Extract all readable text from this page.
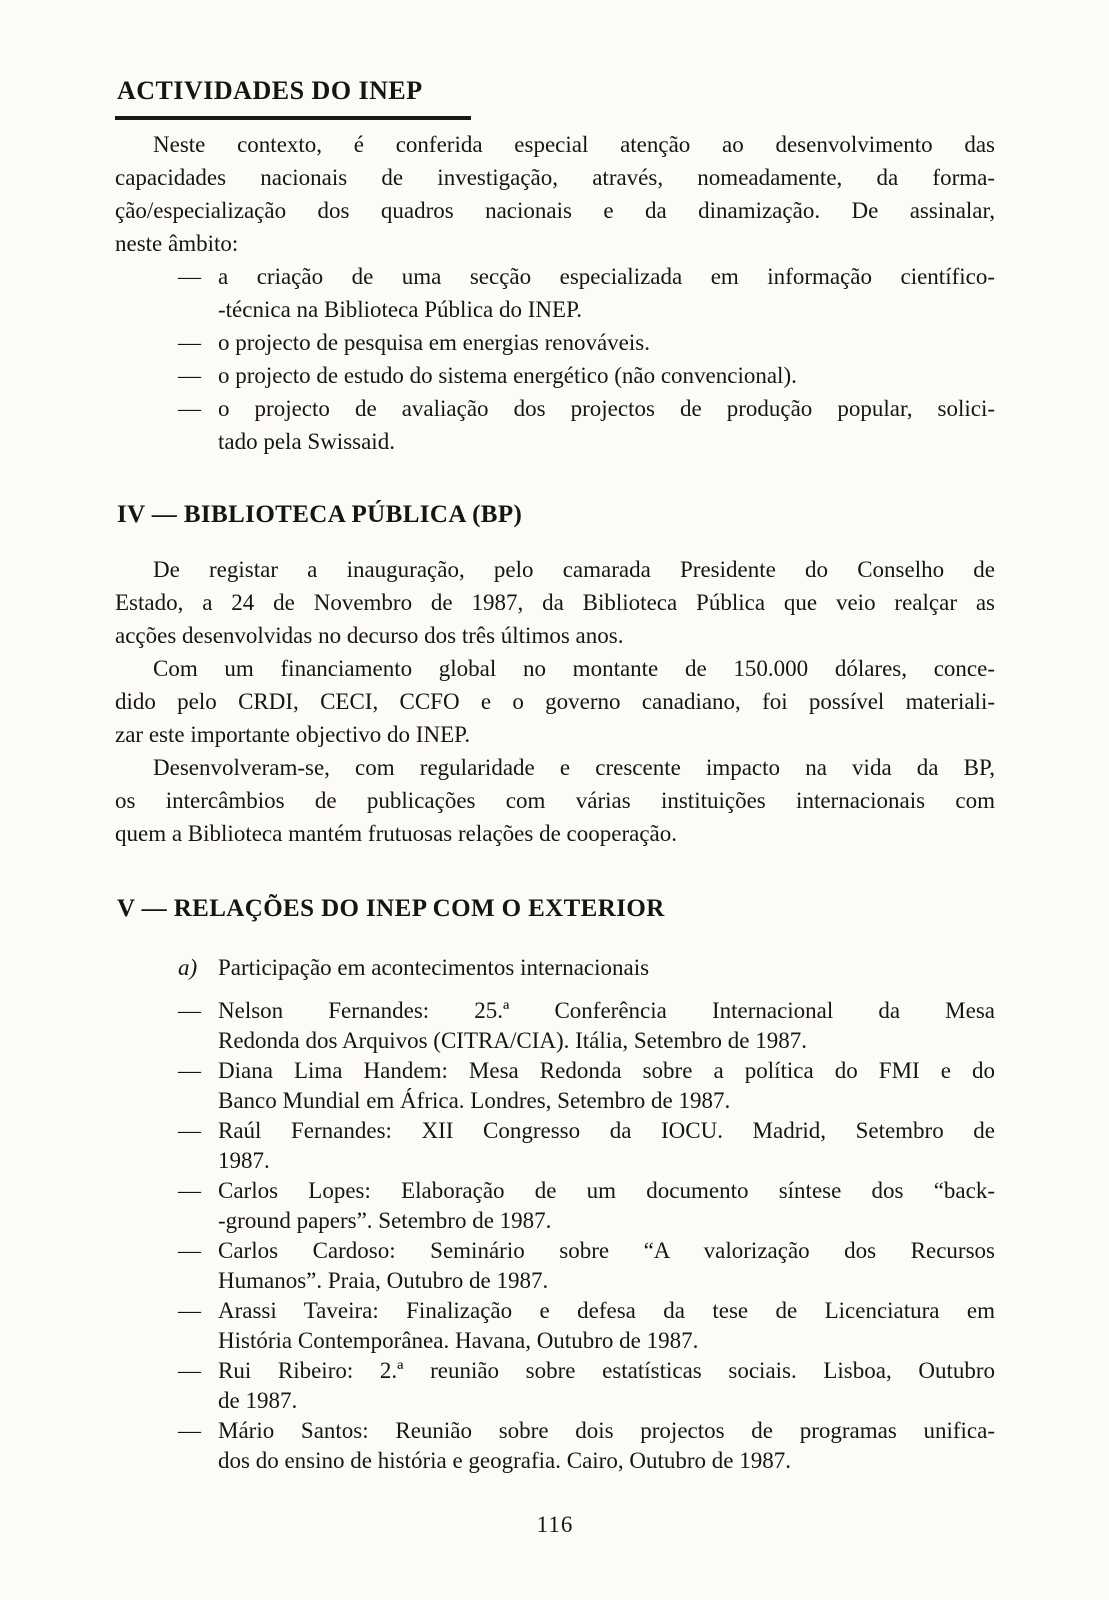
ACTIVIDADES DO INEP
Neste contexto, é conferida especial atenção ao desenvolvimento das
capacidades nacionais de investigação, através, nomeadamente, da forma-
ção/especialização dos quadros nacionais e da dinamização. De assinalar,
neste âmbito:
— a criação de uma secção especializada em informação científico-
-técnica na Biblioteca Pública do INEP.
— o projecto de pesquisa em energias renováveis.
— o projecto de estudo do sistema energético (não convencional).
— o projecto de avaliação dos projectos de produção popular, solici-
tado pela Swissaid.
IV — BIBLIOTECA PÚBLICA (BP)
De registar a inauguração, pelo camarada Presidente do Conselho de
Estado, a 24 de Novembro de 1987, da Biblioteca Pública que veio realçar as
acções desenvolvidas no decurso dos três últimos anos.
Com um financiamento global no montante de 150.000 dólares, conce-
dido pelo CRDI, CECI, CCFO e o governo canadiano, foi possível materiali-
zar este importante objectivo do INEP.
Desenvolveram-se, com regularidade e crescente impacto na vida da BP,
os intercâmbios de publicações com várias instituições internacionais com
quem a Biblioteca mantém frutuosas relações de cooperação.
V — RELAÇÕES DO INEP COM O EXTERIOR
a) Participação em acontecimentos internacionais
— Nelson Fernandes: 25.ª Conferência Internacional da Mesa
Redonda dos Arquivos (CITRA/CIA). Itália, Setembro de 1987.
— Diana Lima Handem: Mesa Redonda sobre a política do FMI e do
Banco Mundial em África. Londres, Setembro de 1987.
— Raúl Fernandes: XII Congresso da IOCU. Madrid, Setembro de
1987.
— Carlos Lopes: Elaboração de um documento síntese dos “back-
-ground papers”. Setembro de 1987.
— Carlos Cardoso: Seminário sobre “A valorização dos Recursos
Humanos”. Praia, Outubro de 1987.
— Arassi Taveira: Finalização e defesa da tese de Licenciatura em
História Contemporânea. Havana, Outubro de 1987.
— Rui Ribeiro: 2.ª reunião sobre estatísticas sociais. Lisboa, Outubro
de 1987.
— Mário Santos: Reunião sobre dois projectos de programas unifica-
dos do ensino de história e geografia. Cairo, Outubro de 1987.
116
